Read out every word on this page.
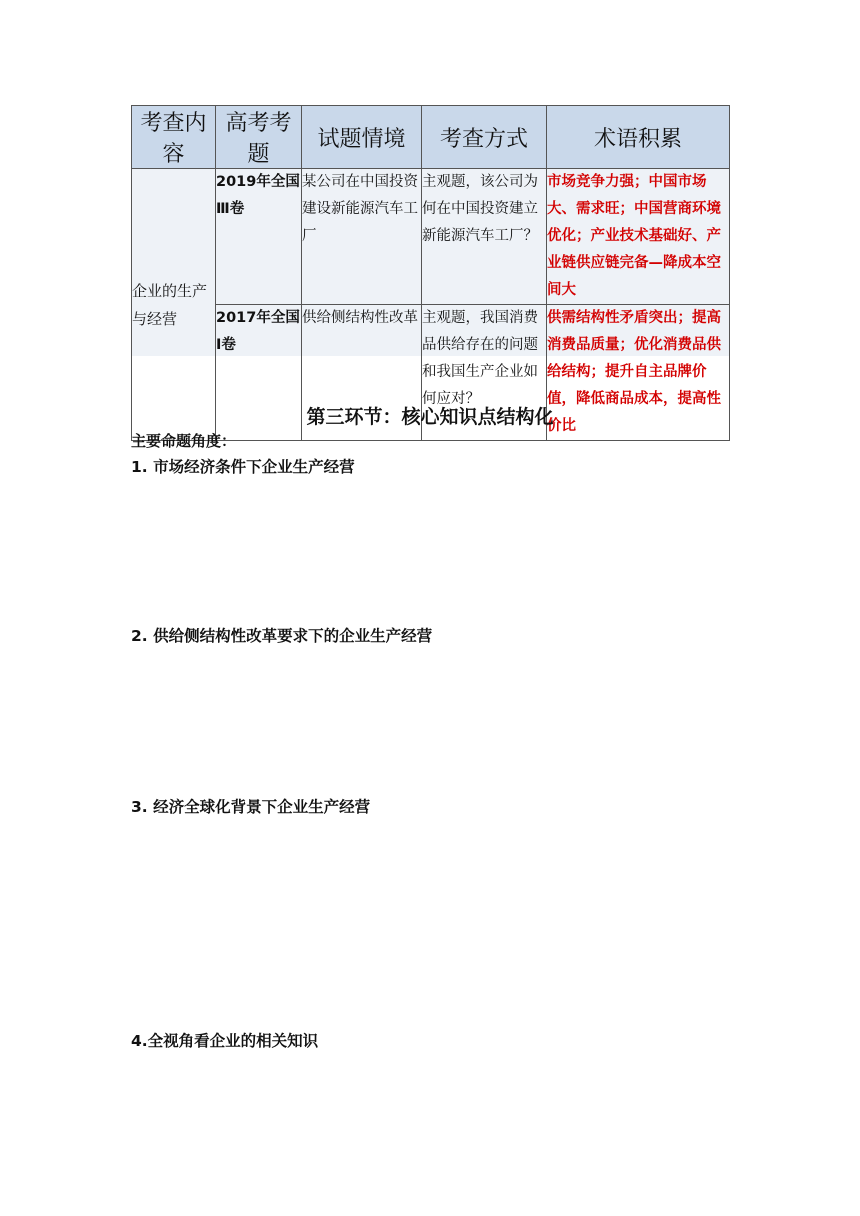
考查内容	高考考题	试题情境	考查方式	术语积累
企业的生产与经营	2019年全国Ⅲ卷	某公司在中国投资建设新能源汽车工厂	主观题，该公司为何在中国投资建立新能源汽车工厂？	市场竞争力强；中国市场大、需求旺；中国营商环境优化；产业技术基础好、产业链供应链完备—降成本空间大
	2017年全国Ⅰ卷	供给侧结构性改革	主观题，我国消费品供给存在的问题和我国生产企业如何应对？	供需结构性矛盾突出；提高消费品质量；优化消费品供给结构；提升自主品牌价值，降低商品成本，提高性价比
第三环节：核心知识点结构化
主要命题角度：
1. 市场经济条件下企业生产经营
2. 供给侧结构性改革要求下的企业生产经营
3. 经济全球化背景下企业生产经营
4.全视角看企业的相关知识
